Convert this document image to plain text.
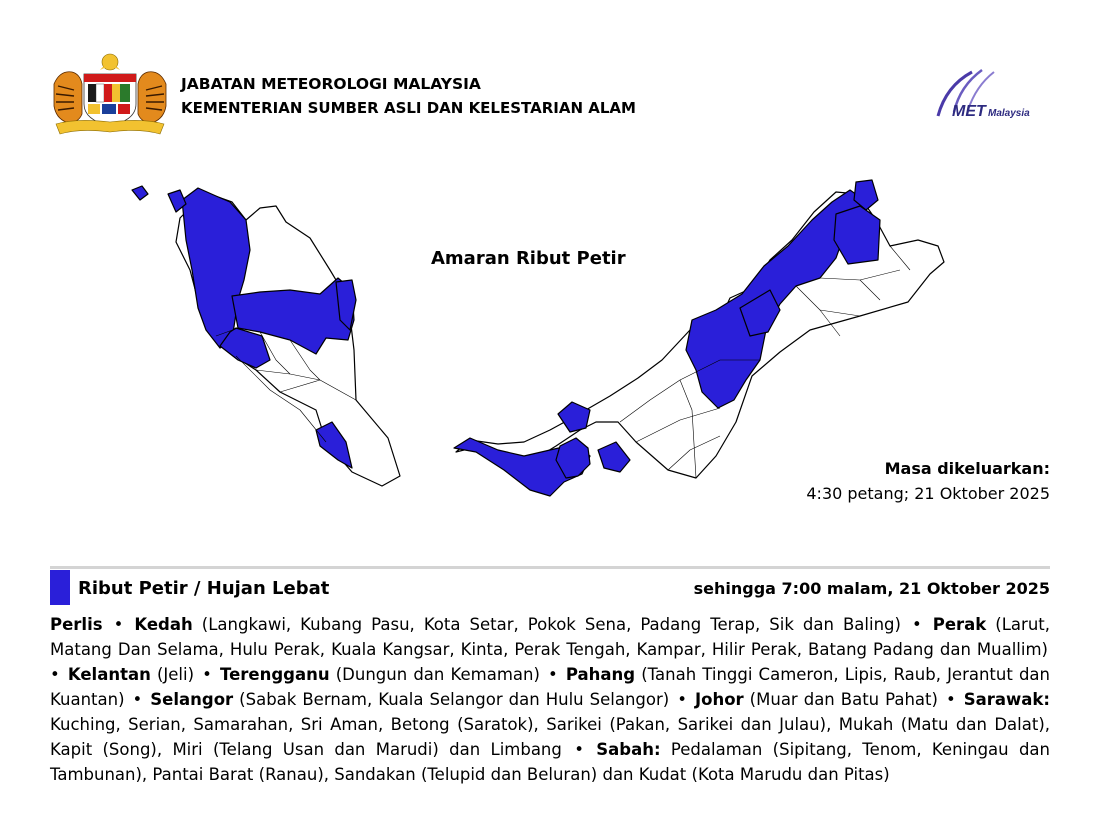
JABATAN METEOROLOGI MALAYSIA
KEMENTERIAN SUMBER ASLI DAN KELESTARIAN ALAM	MET Malaysia
Amaran Ribut Petir
Masa dikeluarkan:
4:30 petang; 21 Oktober 2025
Ribut Petir / Hujan Lebat	sehingga 7:00 malam, 21 Oktober 2025
Perlis • Kedah (Langkawi, Kubang Pasu, Kota Setar, Pokok Sena, Padang Terap, Sik dan Baling) • Perak (Larut, Matang Dan Selama, Hulu Perak, Kuala Kangsar, Kinta, Perak Tengah, Kampar, Hilir Perak, Batang Padang dan Muallim) • Kelantan (Jeli) • Terengganu (Dungun dan Kemaman) • Pahang (Tanah Tinggi Cameron, Lipis, Raub, Jerantut dan Kuantan) • Selangor (Sabak Bernam, Kuala Selangor dan Hulu Selangor) • Johor (Muar dan Batu Pahat) • Sarawak: Kuching, Serian, Samarahan, Sri Aman, Betong (Saratok), Sarikei (Pakan, Sarikei dan Julau), Mukah (Matu dan Dalat), Kapit (Song), Miri (Telang Usan dan Marudi) dan Limbang • Sabah: Pedalaman (Sipitang, Tenom, Keningau dan Tambunan), Pantai Barat (Ranau), Sandakan (Telupid dan Beluran) dan Kudat (Kota Marudu dan Pitas)
